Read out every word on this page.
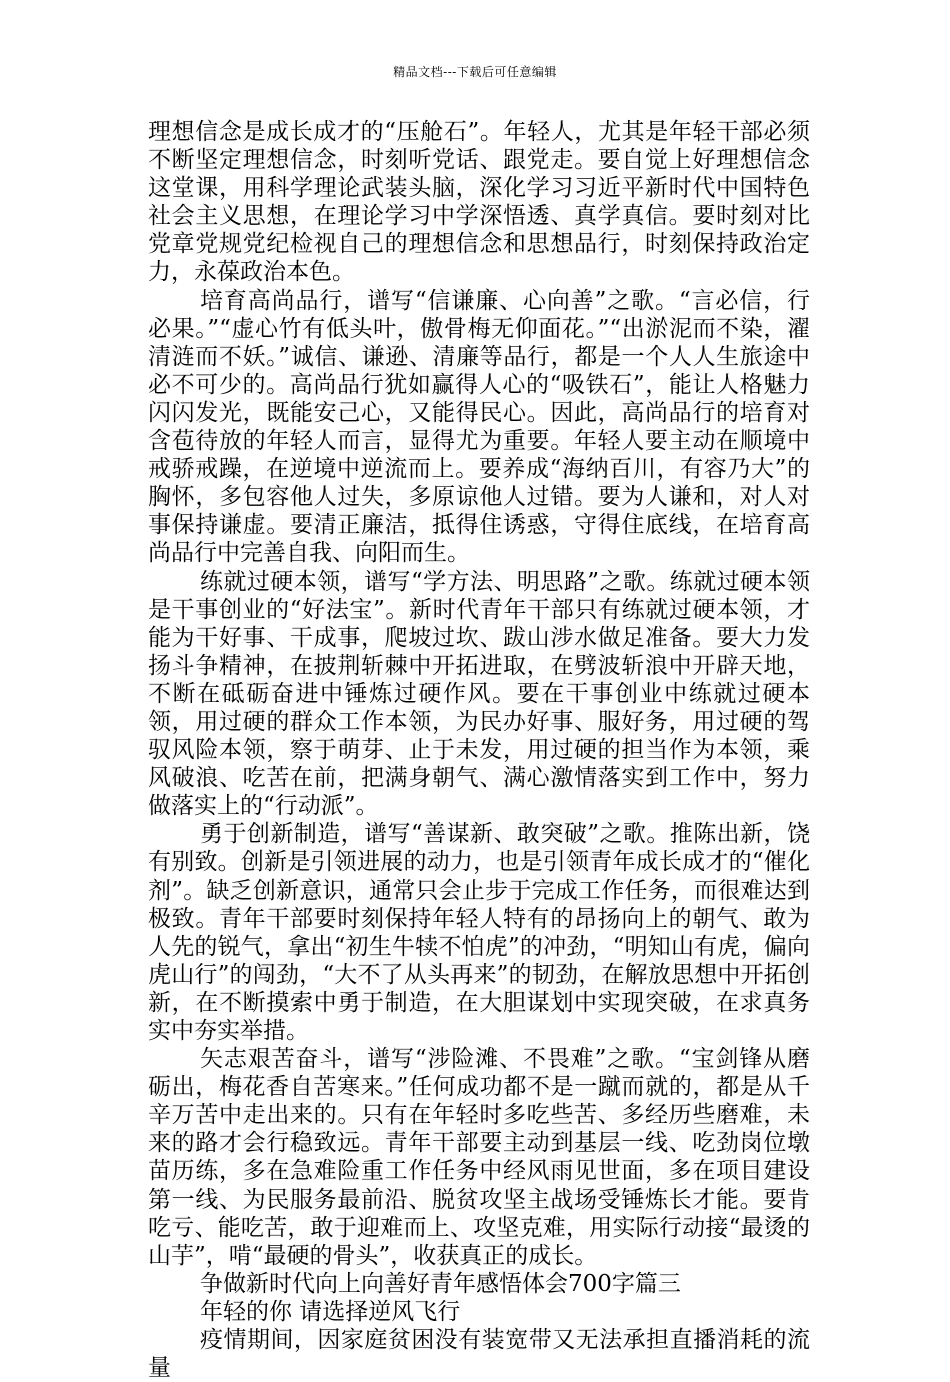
精品文档---下载后可任意编辑

理想信念是成长成才的“压舱石”。年轻人，尤其是年轻干部必须不断坚定理想信念，时刻听党话、跟党走。要自觉上好理想信念这堂课，用科学理论武装头脑，深化学习习近平新时代中国特色社会主义思想，在理论学习中学深悟透、真学真信。要时刻对比党章党规党纪检视自己的理想信念和思想品行，时刻保持政治定力，永葆政治本色。

培育高尚品行，谱写“信谦廉、心向善”之歌。“言必信，行必果。”“虚心竹有低头叶，傲骨梅无仰面花。”“出淤泥而不染，濯清涟而不妖。”诚信、谦逊、清廉等品行，都是一个人人生旅途中必不可少的。高尚品行犹如赢得人心的“吸铁石”，能让人格魅力闪闪发光，既能安己心，又能得民心。因此，高尚品行的培育对含苞待放的年轻人而言，显得尤为重要。年轻人要主动在顺境中戒骄戒躁，在逆境中逆流而上。要养成“海纳百川，有容乃大”的胸怀，多包容他人过失，多原谅他人过错。要为人谦和，对人对事保持谦虚。要清正廉洁，抵得住诱惑，守得住底线，在培育高尚品行中完善自我、向阳而生。

练就过硬本领，谱写“学方法、明思路”之歌。练就过硬本领是干事创业的“好法宝”。新时代青年干部只有练就过硬本领，才能为干好事、干成事，爬坡过坎、跋山涉水做足准备。要大力发扬斗争精神，在披荆斩棘中开拓进取，在劈波斩浪中开辟天地，不断在砥砺奋进中锤炼过硬作风。要在干事创业中练就过硬本领，用过硬的群众工作本领，为民办好事、服好务，用过硬的驾驭风险本领，察于萌芽、止于未发，用过硬的担当作为本领，乘风破浪、吃苦在前，把满身朝气、满心激情落实到工作中，努力做落实上的“行动派”。

勇于创新制造，谱写“善谋新、敢突破”之歌。推陈出新，饶有别致。创新是引领进展的动力，也是引领青年成长成才的“催化剂”。缺乏创新意识，通常只会止步于完成工作任务，而很难达到极致。青年干部要时刻保持年轻人特有的昂扬向上的朝气、敢为人先的锐气，拿出“初生牛犊不怕虎”的冲劲，“明知山有虎，偏向虎山行”的闯劲，“大不了从头再来”的韧劲，在解放思想中开拓创新，在不断摸索中勇于制造，在大胆谋划中实现突破，在求真务实中夯实举措。

矢志艰苦奋斗，谱写“涉险滩、不畏难”之歌。“宝剑锋从磨砺出，梅花香自苦寒来。”任何成功都不是一蹴而就的，都是从千辛万苦中走出来的。只有在年轻时多吃些苦、多经历些磨难，未来的路才会行稳致远。青年干部要主动到基层一线、吃劲岗位墩苗历练，多在急难险重工作任务中经风雨见世面，多在项目建设第一线、为民服务最前沿、脱贫攻坚主战场受锤炼长才能。要肯吃亏、能吃苦，敢于迎难而上、攻坚克难，用实际行动接“最烫的山芋”，啃“最硬的骨头”，收获真正的成长。

争做新时代向上向善好青年感悟体会700字篇三

年轻的你 请选择逆风飞行

疫情期间，因家庭贫困没有装宽带又无法承担直播消耗的流量
